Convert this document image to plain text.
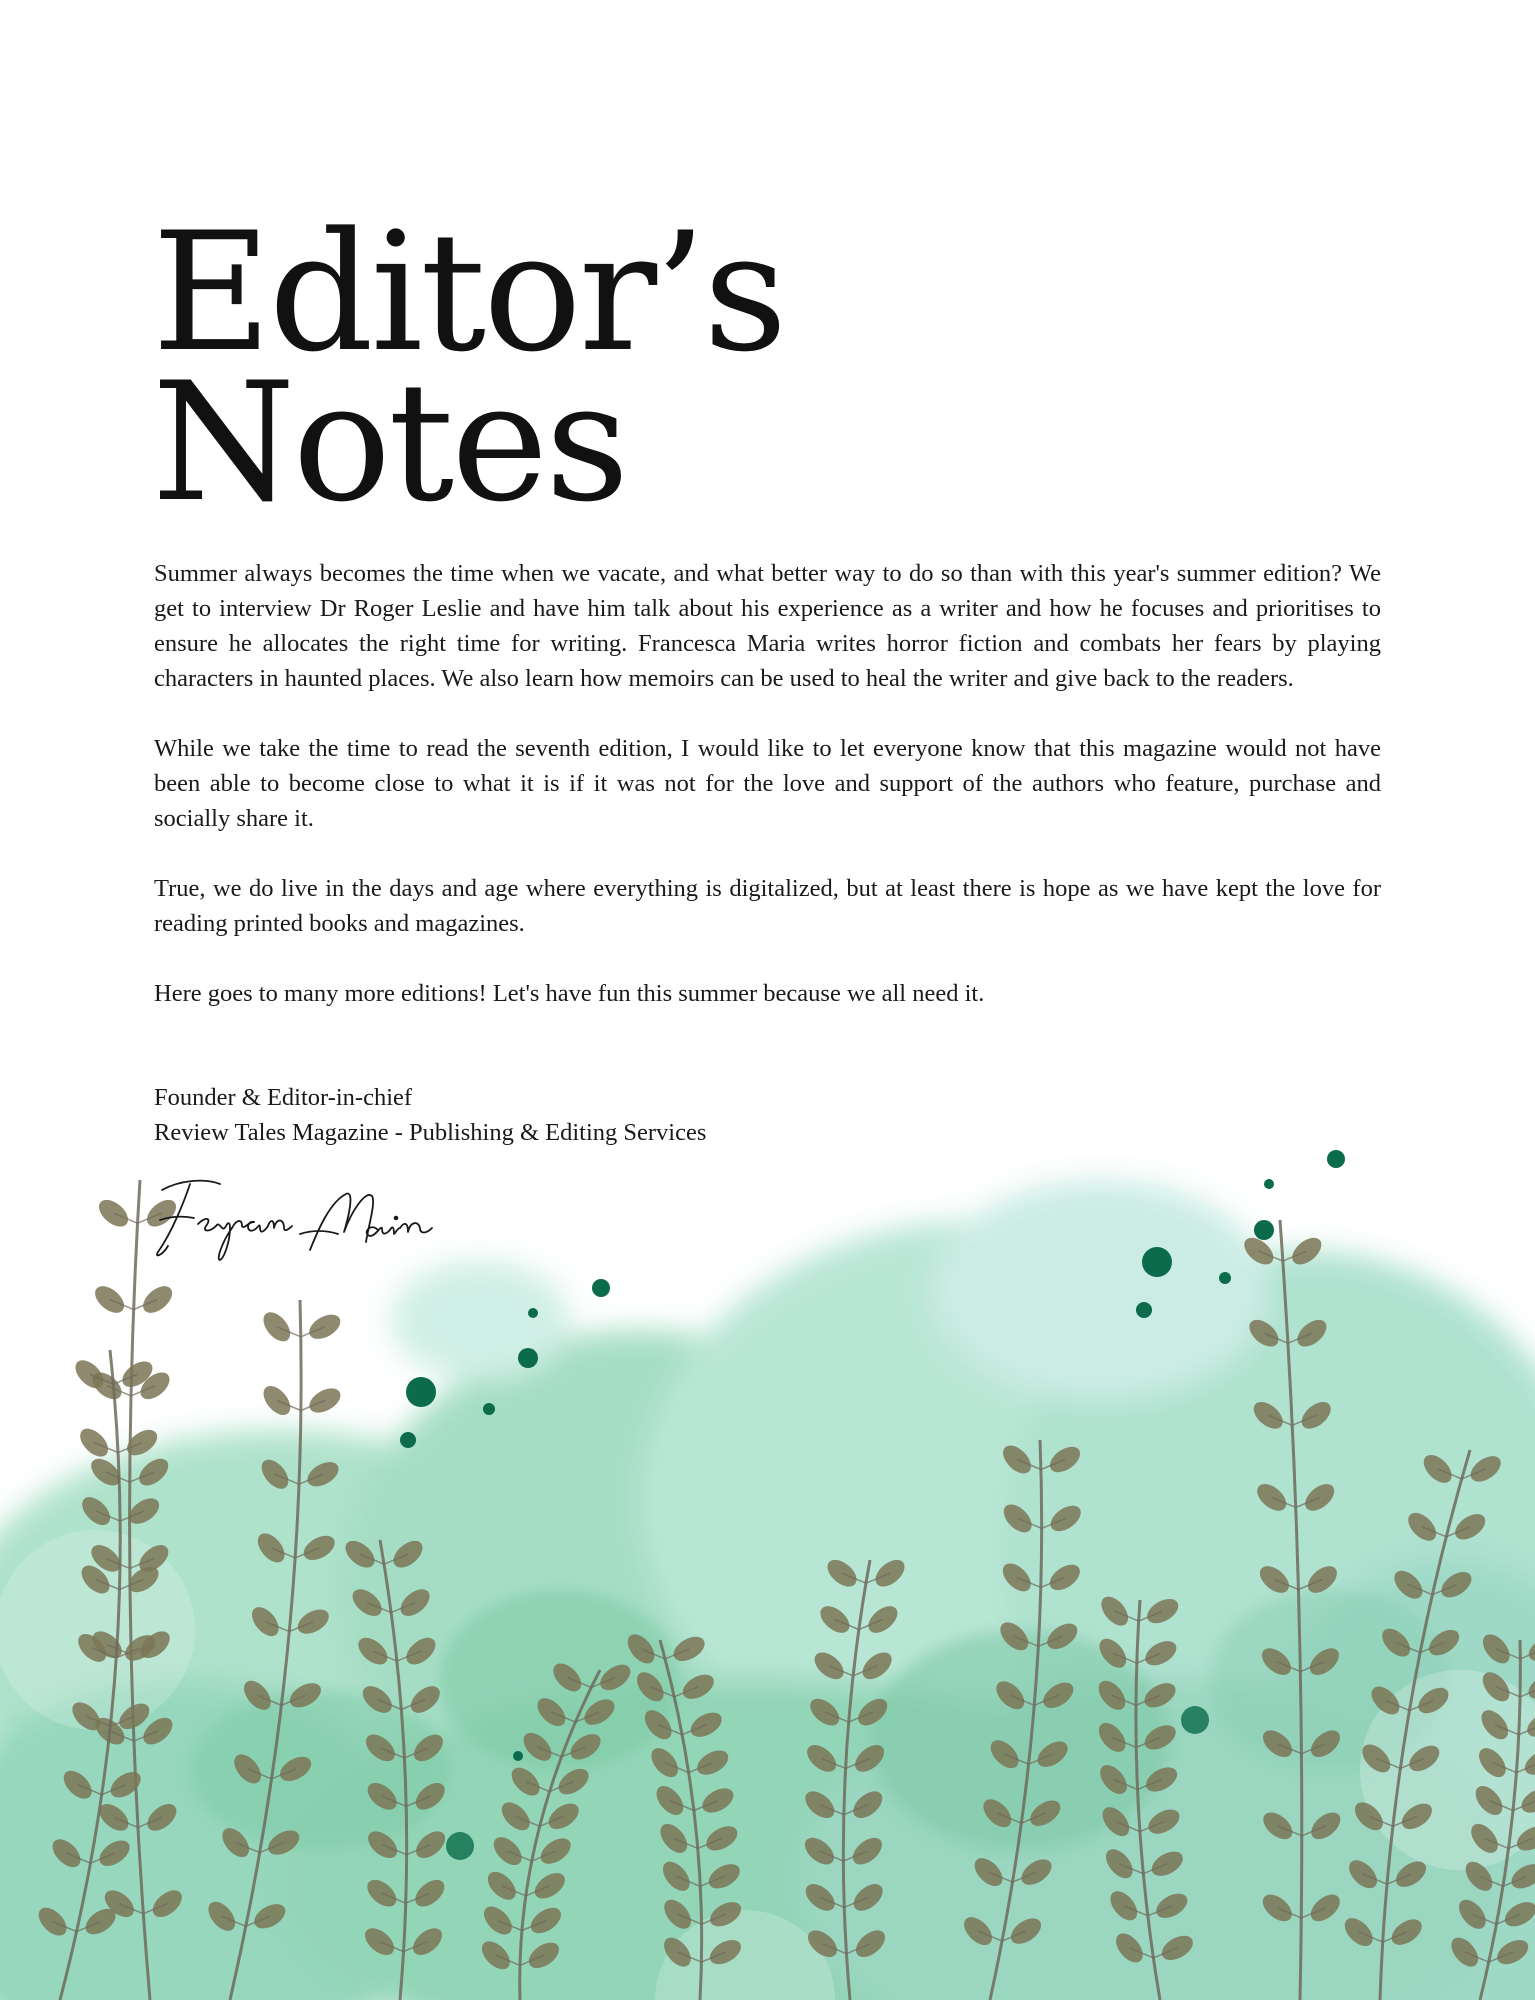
Editor’s
Notes

Summer always becomes the time when we vacate, and what better way to do so than with this year's summer edition? We get to interview Dr Roger Leslie and have him talk about his experience as a writer and how he focuses and prioritises to ensure he allocates the right time for writing. Francesca Maria writes horror fiction and combats her fears by playing characters in haunted places. We also learn how memoirs can be used to heal the writer and give back to the readers.

While we take the time to read the seventh edition, I would like to let everyone know that this magazine would not have been able to become close to what it is if it was not for the love and support of the authors who feature, purchase and socially share it.

True, we do live in the days and age where everything is digitalized, but at least there is hope as we have kept the love for reading printed books and magazines.

Here goes to many more editions! Let's have fun this summer because we all need it.

Founder & Editor-in-chief
Review Tales Magazine - Publishing & Editing Services
Feyran Main
